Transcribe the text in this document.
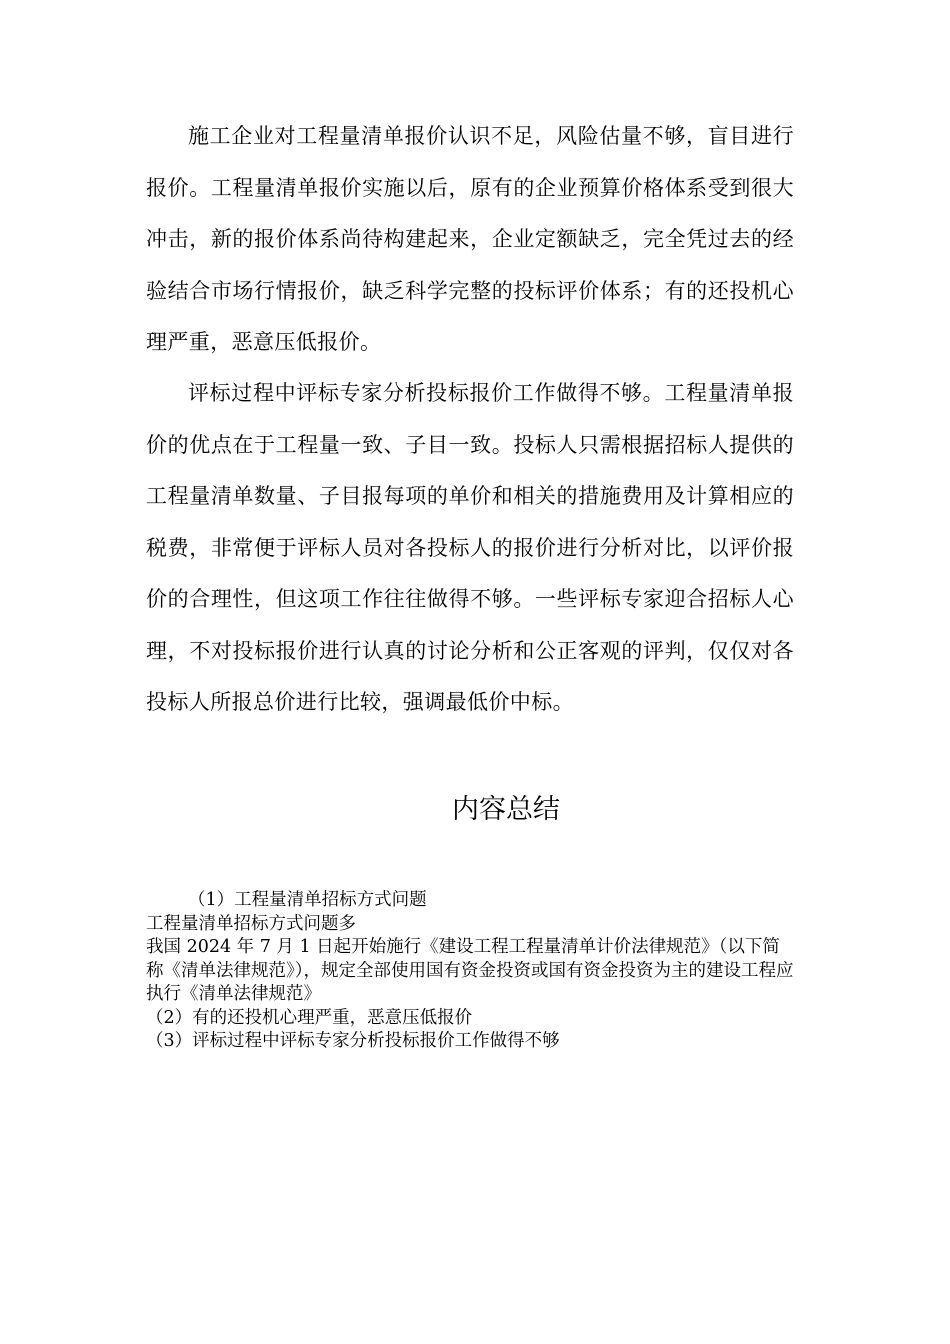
施工企业对工程量清单报价认识不足，风险估量不够，盲目进行报价。工程量清单报价实施以后，原有的企业预算价格体系受到很大冲击，新的报价体系尚待构建起来，企业定额缺乏，完全凭过去的经验结合市场行情报价，缺乏科学完整的投标评价体系；有的还投机心理严重，恶意压低报价。

评标过程中评标专家分析投标报价工作做得不够。工程量清单报价的优点在于工程量一致、子目一致。投标人只需根据招标人提供的工程量清单数量、子目报每项的单价和相关的措施费用及计算相应的税费，非常便于评标人员对各投标人的报价进行分析对比，以评价报价的合理性，但这项工作往往做得不够。一些评标专家迎合招标人心理，不对投标报价进行认真的讨论分析和公正客观的评判，仅仅对各投标人所报总价进行比较，强调最低价中标。

内容总结

（1）工程量清单招标方式问题

工程量清单招标方式问题多

我国 2024 年 7 月 1 日起开始施行《建设工程工程量清单计价法律规范》（以下简称《清单法律规范》），规定全部使用国有资金投资或国有资金投资为主的建设工程应执行《清单法律规范》

（2）有的还投机心理严重，恶意压低报价

（3）评标过程中评标专家分析投标报价工作做得不够
